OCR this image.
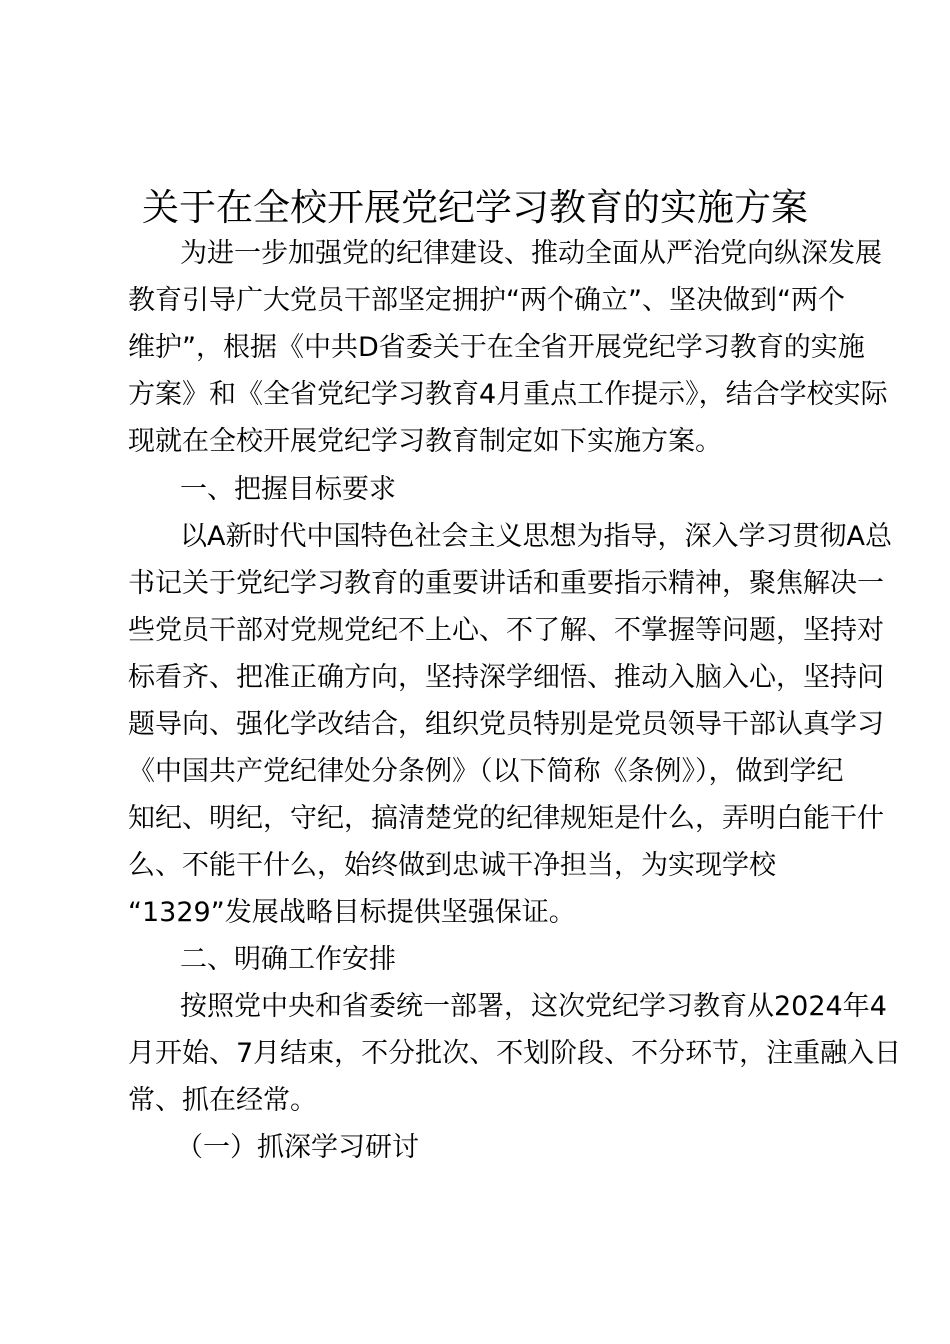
关于在全校开展党纪学习教育的实施方案
为进一步加强党的纪律建设、推动全面从严治党向纵深发展
教育引导广大党员干部坚定拥护“两个确立”、坚决做到“两个
维护”，根据《中共D省委关于在全省开展党纪学习教育的实施
方案》和《全省党纪学习教育4月重点工作提示》，结合学校实际
现就在全校开展党纪学习教育制定如下实施方案。
一、把握目标要求
以A新时代中国特色社会主义思想为指导，深入学习贯彻A总
书记关于党纪学习教育的重要讲话和重要指示精神，聚焦解决一
些党员干部对党规党纪不上心、不了解、不掌握等问题，坚持对
标看齐、把准正确方向，坚持深学细悟、推动入脑入心，坚持问
题导向、强化学改结合，组织党员特别是党员领导干部认真学习
《中国共产党纪律处分条例》（以下简称《条例》），做到学纪
知纪、明纪，守纪，搞清楚党的纪律规矩是什么，弄明白能干什
么、不能干什么，始终做到忠诚干净担当，为实现学校
“1329”发展战略目标提供坚强保证。
二、明确工作安排
按照党中央和省委统一部署，这次党纪学习教育从2024年4
月开始、7月结束，不分批次、不划阶段、不分环节，注重融入日
常、抓在经常。
（一）抓深学习研讨
